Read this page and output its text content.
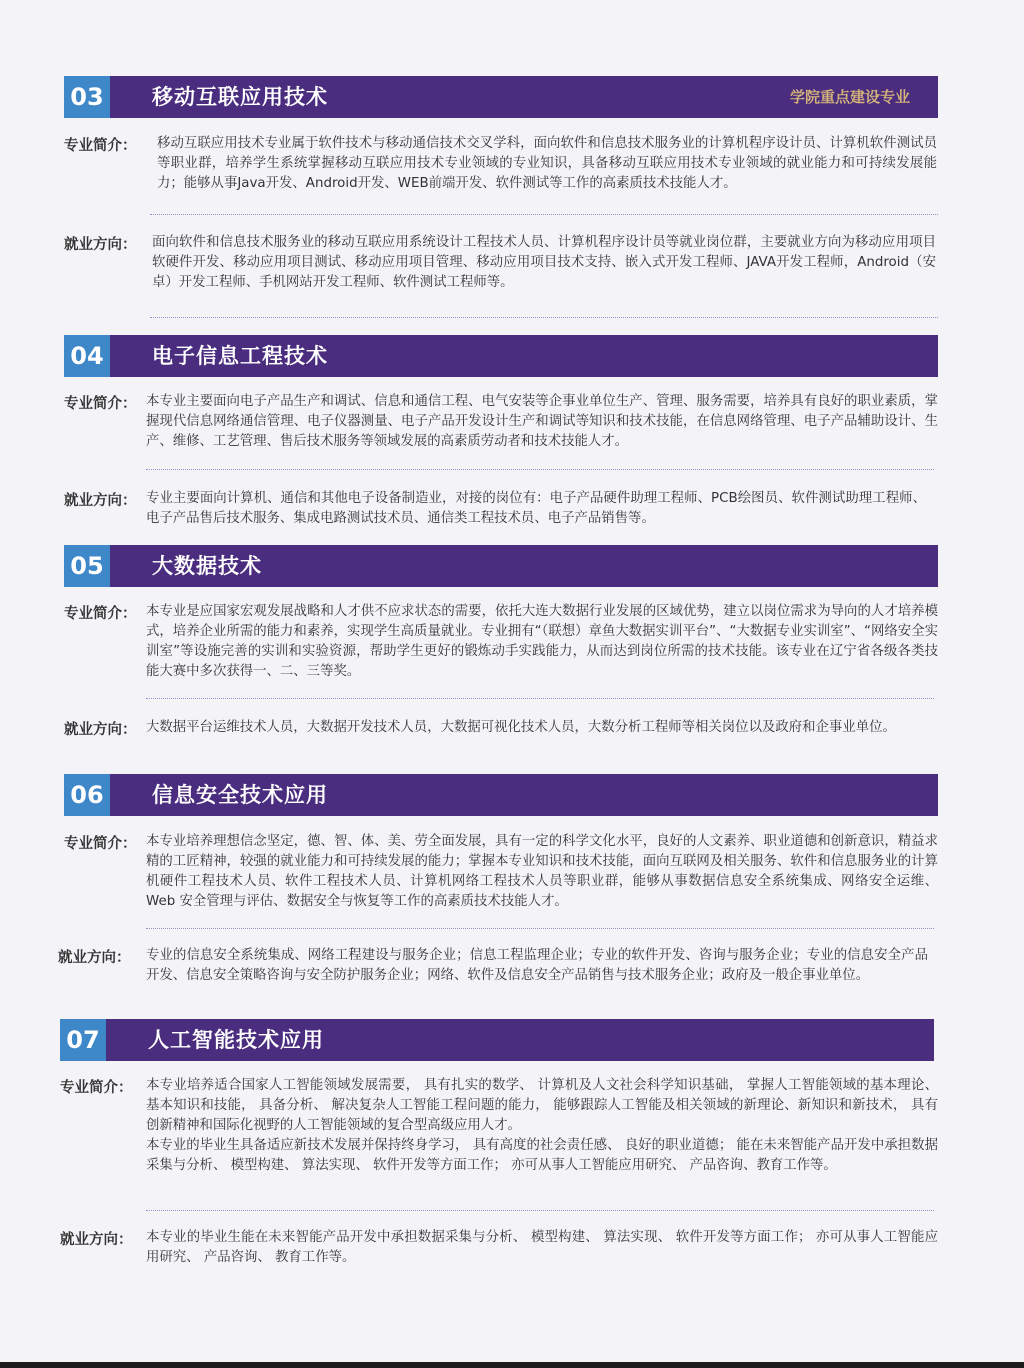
03 移动互联应用技术	学院重点建设专业
专业简介： 移动互联应用技术专业属于软件技术与移动通信技术交叉学科，面向软件和信息技术服务业的计算机程序设计员、计算机软件测试员等职业群，培养学生系统掌握移动互联应用技术专业领域的专业知识，具备移动互联应用技术专业领域的就业能力和可持续发展能力；能够从事Java开发、Android开发、WEB前端开发、软件测试等工作的高素质技术技能人才。
就业方向： 面向软件和信息技术服务业的移动互联应用系统设计工程技术人员、计算机程序设计员等就业岗位群，主要就业方向为移动应用项目软硬件开发、移动应用项目测试、移动应用项目管理、移动应用项目技术支持、嵌入式开发工程师、JAVA开发工程师，Android（安卓）开发工程师、手机网站开发工程师、软件测试工程师等。
04 电子信息工程技术
专业简介： 本专业主要面向电子产品生产和调试、信息和通信工程、电气安装等企事业单位生产、管理、服务需要，培养具有良好的职业素质，掌握现代信息网络通信管理、电子仪器测量、电子产品开发设计生产和调试等知识和技术技能，在信息网络管理、电子产品辅助设计、生产、维修、工艺管理、售后技术服务等领域发展的高素质劳动者和技术技能人才。
就业方向： 专业主要面向计算机、通信和其他电子设备制造业，对接的岗位有：电子产品硬件助理工程师、PCB绘图员、软件测试助理工程师、电子产品售后技术服务、集成电路测试技术员、通信类工程技术员、电子产品销售等。
05 大数据技术
专业简介： 本专业是应国家宏观发展战略和人才供不应求状态的需要，依托大连大数据行业发展的区域优势，建立以岗位需求为导向的人才培养模式，培养企业所需的能力和素养，实现学生高质量就业。专业拥有“（联想）章鱼大数据实训平台”、“大数据专业实训室”、“网络安全实训室”等设施完善的实训和实验资源，帮助学生更好的锻炼动手实践能力，从而达到岗位所需的技术技能。该专业在辽宁省各级各类技能大赛中多次获得一、二、三等奖。
就业方向： 大数据平台运维技术人员，大数据开发技术人员，大数据可视化技术人员，大数分析工程师等相关岗位以及政府和企事业单位。
06 信息安全技术应用
专业简介： 本专业培养理想信念坚定，德、智、体、美、劳全面发展，具有一定的科学文化水平，良好的人文素养、职业道德和创新意识，精益求精的工匠精神，较强的就业能力和可持续发展的能力；掌握本专业知识和技术技能，面向互联网及相关服务、软件和信息服务业的计算机硬件工程技术人员、软件工程技术人员、计算机网络工程技术人员等职业群，能够从事数据信息安全系统集成、网络安全运维、Web 安全管理与评估、数据安全与恢复等工作的高素质技术技能人才。
就业方向： 专业的信息安全系统集成、网络工程建设与服务企业；信息工程监理企业；专业的软件开发、咨询与服务企业；专业的信息安全产品开发、信息安全策略咨询与安全防护服务企业；网络、软件及信息安全产品销售与技术服务企业；政府及一般企事业单位。
07 人工智能技术应用
专业简介： 本专业培养适合国家人工智能领域发展需要， 具有扎实的数学、 计算机及人文社会科学知识基础， 掌握人工智能领域的基本理论、 基本知识和技能， 具备分析、 解决复杂人工智能工程问题的能力， 能够跟踪人工智能及相关领域的新理论、新知识和新技术， 具有创新精神和国际化视野的人工智能领域的复合型高级应用人才。

本专业的毕业生具备适应新技术发展并保持终身学习， 具有高度的社会责任感、 良好的职业道德； 能在未来智能产品开发中承担数据采集与分析、 模型构建、 算法实现、 软件开发等方面工作； 亦可从事人工智能应用研究、 产品咨询、教育工作等。

就业方向： 本专业的毕业生能在未来智能产品开发中承担数据采集与分析、 模型构建、 算法实现、 软件开发等方面工作； 亦可从事人工智能应用研究、 产品咨询、 教育工作等。
